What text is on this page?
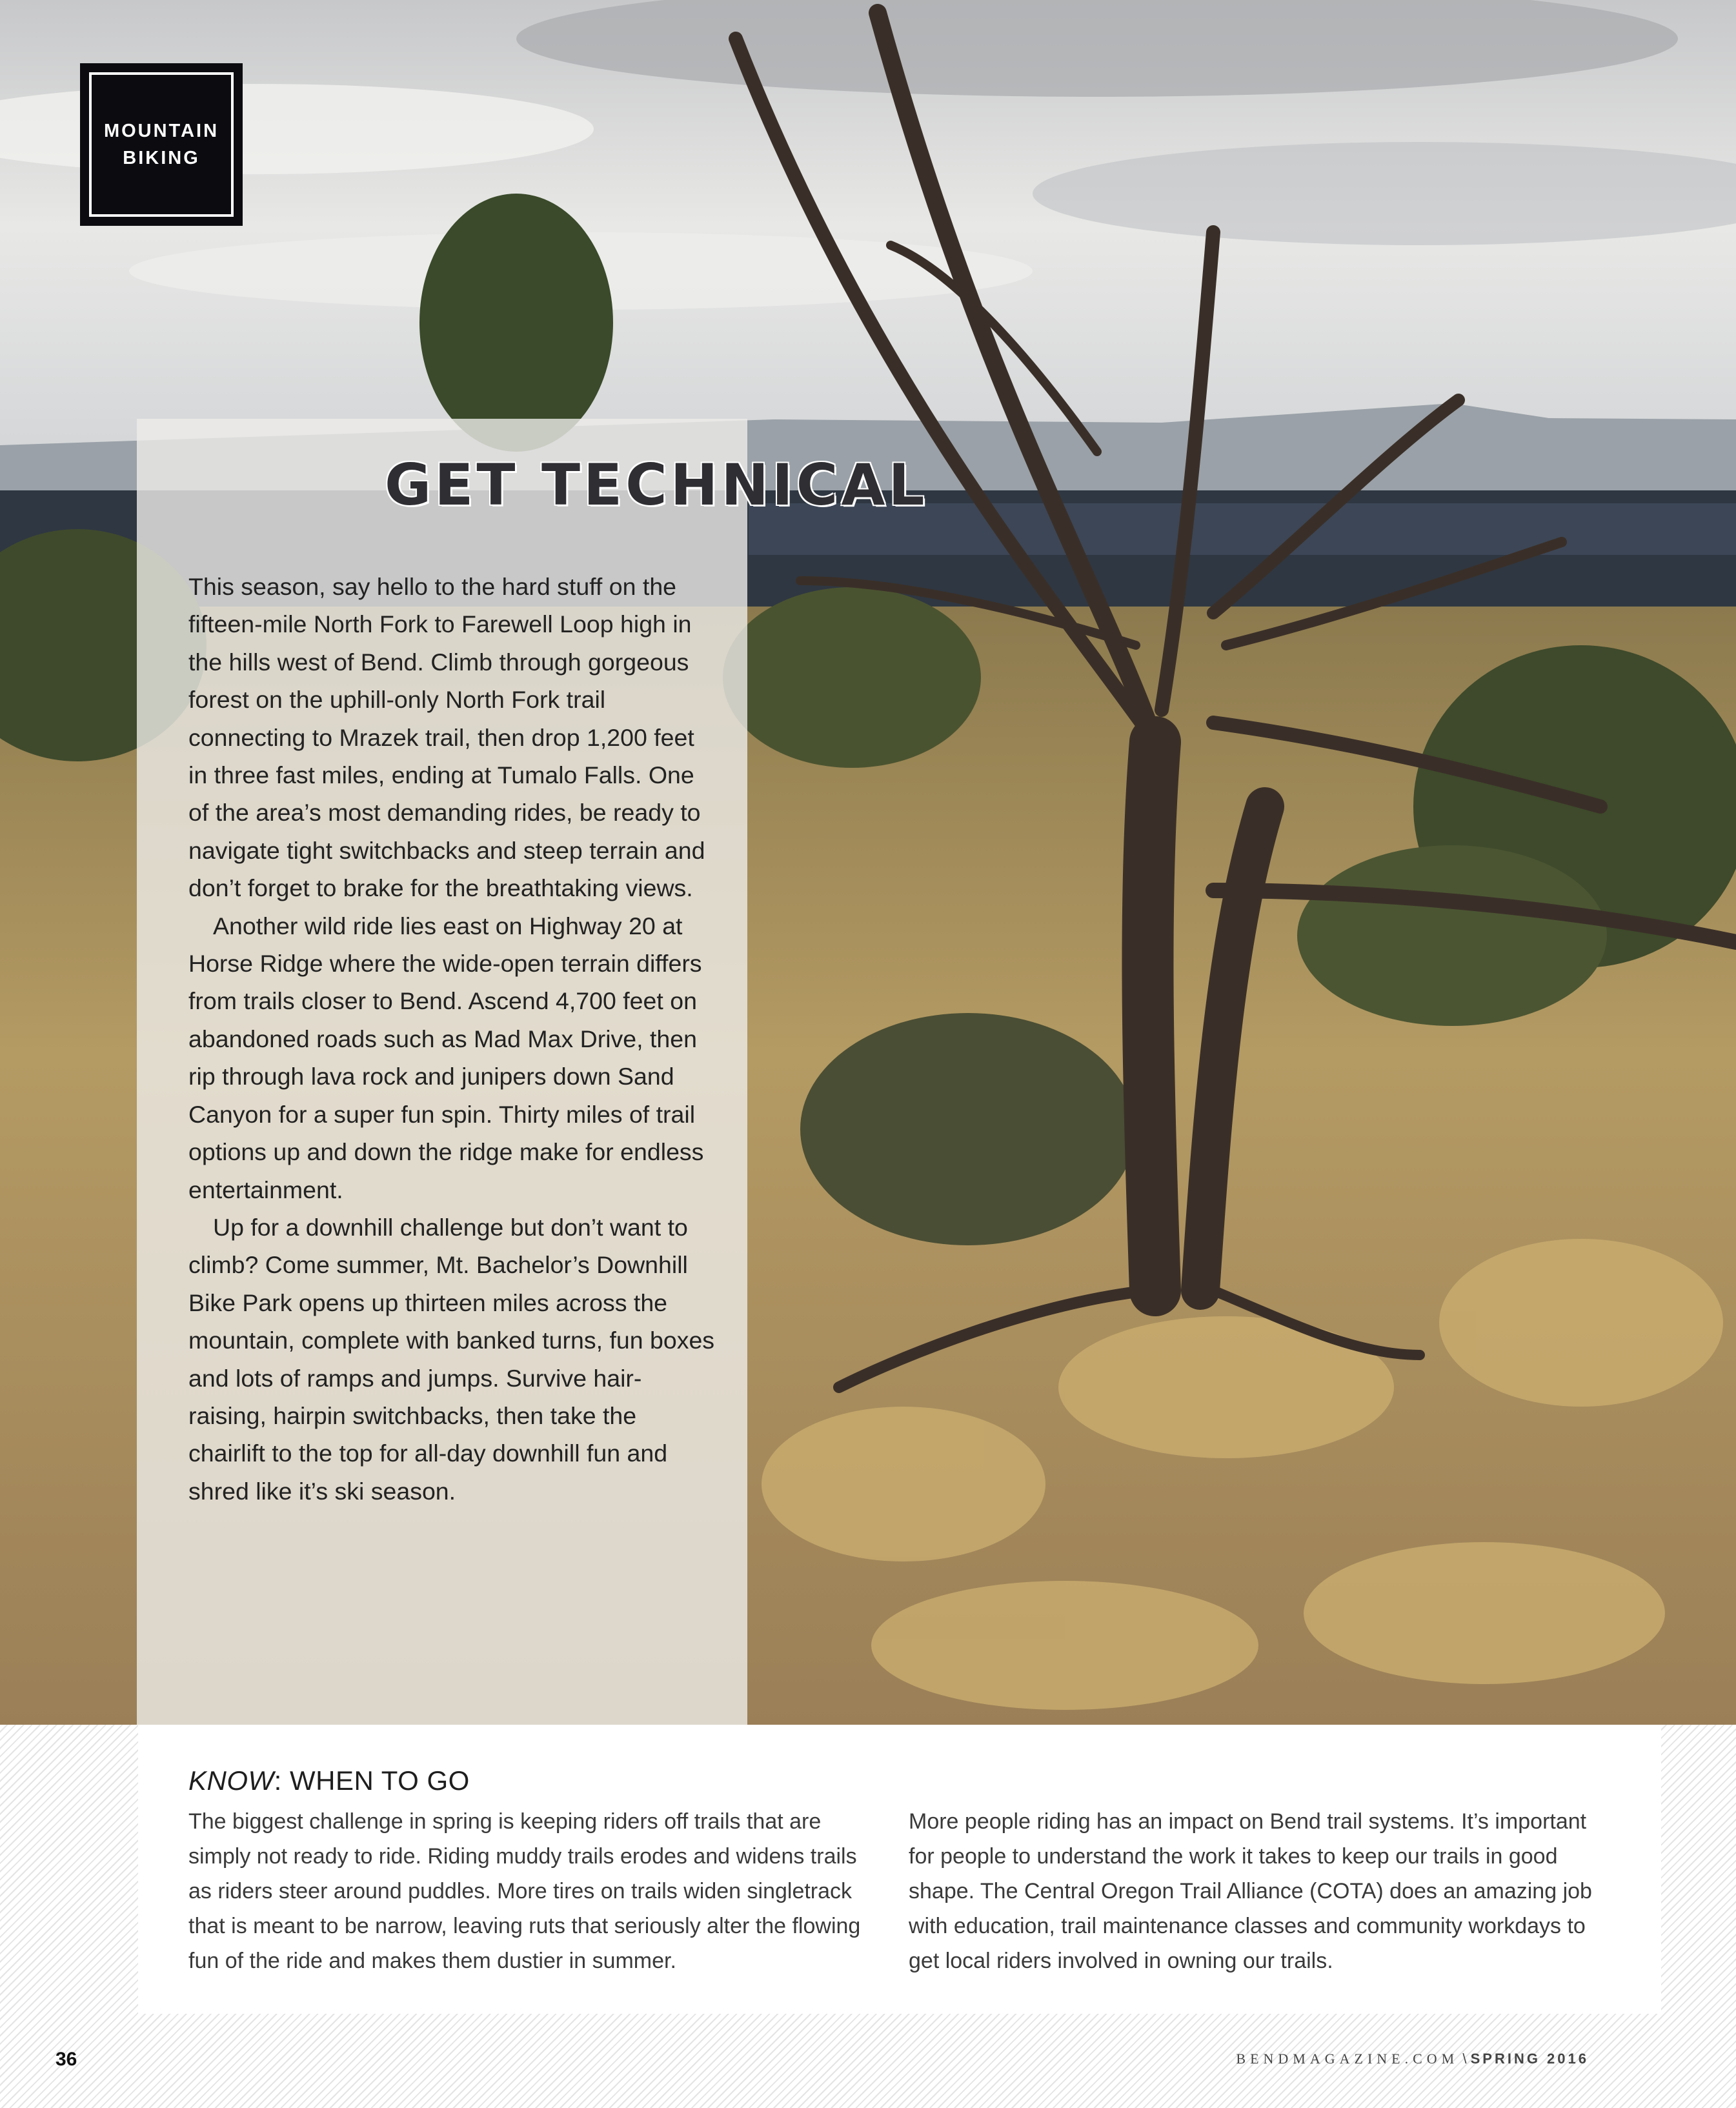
MOUNTAIN
BIKING
GET TECHNICAL

This season, say hello to the hard stuff on the fifteen-mile North Fork to Farewell Loop high in the hills west of Bend. Climb through gorgeous forest on the uphill-only North Fork trail connecting to Mrazek trail, then drop 1,200 feet in three fast miles, ending at Tumalo Falls. One of the area’s most demanding rides, be ready to navigate tight switchbacks and steep terrain and don’t forget to brake for the breathtaking views.

Another wild ride lies east on Highway 20 at Horse Ridge where the wide-open terrain differs from trails closer to Bend. Ascend 4,700 feet on abandoned roads such as Mad Max Drive, then rip through lava rock and junipers down Sand Canyon for a super fun spin. Thirty miles of trail options up and down the ridge make for endless entertainment.

Up for a downhill challenge but don’t want to climb? Come summer, Mt. Bachelor’s Downhill Bike Park opens up thirteen miles across the mountain, complete with banked turns, fun boxes and lots of ramps and jumps. Survive hair-raising, hairpin switchbacks, then take the chairlift to the top for all-day downhill fun and shred like it’s ski season.

KNOW: WHEN TO GO
The biggest challenge in spring is keeping riders off trails that are simply not ready to ride. Riding muddy trails erodes and widens trails as riders steer around puddles. More tires on trails widen singletrack that is meant to be narrow, leaving ruts that seriously alter the flowing fun of the ride and makes them dustier in summer.
More people riding has an impact on Bend trail systems. It’s important for people to understand the work it takes to keep our trails in good shape. The Central Oregon Trail Alliance (COTA) does an amazing job with education, trail maintenance classes and community workdays to get local riders involved in owning our trails.
36	BENDMAGAZINE.COM \ SPRING 2016
